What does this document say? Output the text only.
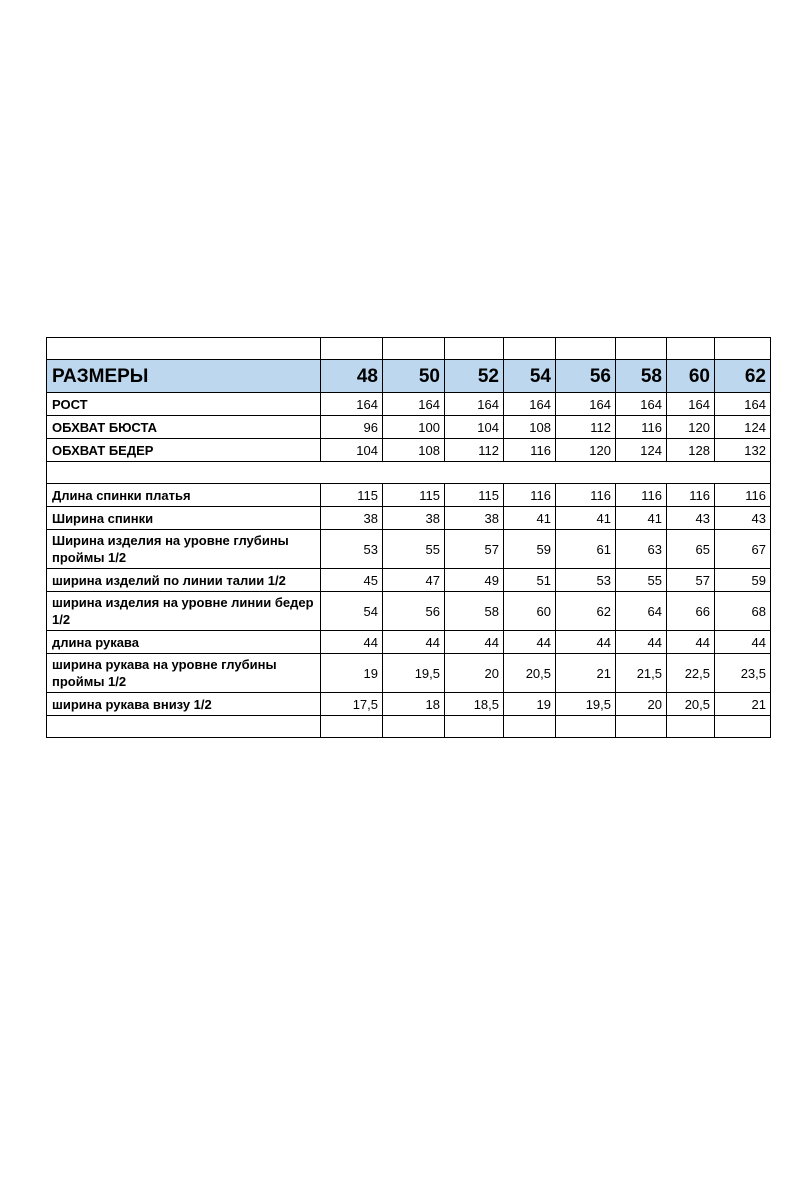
РАЗМЕРЫ	48	50	52	54	56	58	60	62
РОСТ	164	164	164	164	164	164	164	164
ОБХВАТ БЮСТА	96	100	104	108	112	116	120	124
ОБХВАТ БЕДЕР	104	108	112	116	120	124	128	132

Длина спинки платья	115	115	115	116	116	116	116	116
Ширина спинки	38	38	38	41	41	41	43	43
Ширина изделия на уровне глубины проймы 1/2	53	55	57	59	61	63	65	67
ширина изделий по линии талии 1/2	45	47	49	51	53	55	57	59
ширина изделия на уровне линии бедер 1/2	54	56	58	60	62	64	66	68
длина рукава	44	44	44	44	44	44	44	44
ширина рукава на уровне глубины проймы 1/2	19	19,5	20	20,5	21	21,5	22,5	23,5
ширина рукава внизу 1/2	17,5	18	18,5	19	19,5	20	20,5	21
